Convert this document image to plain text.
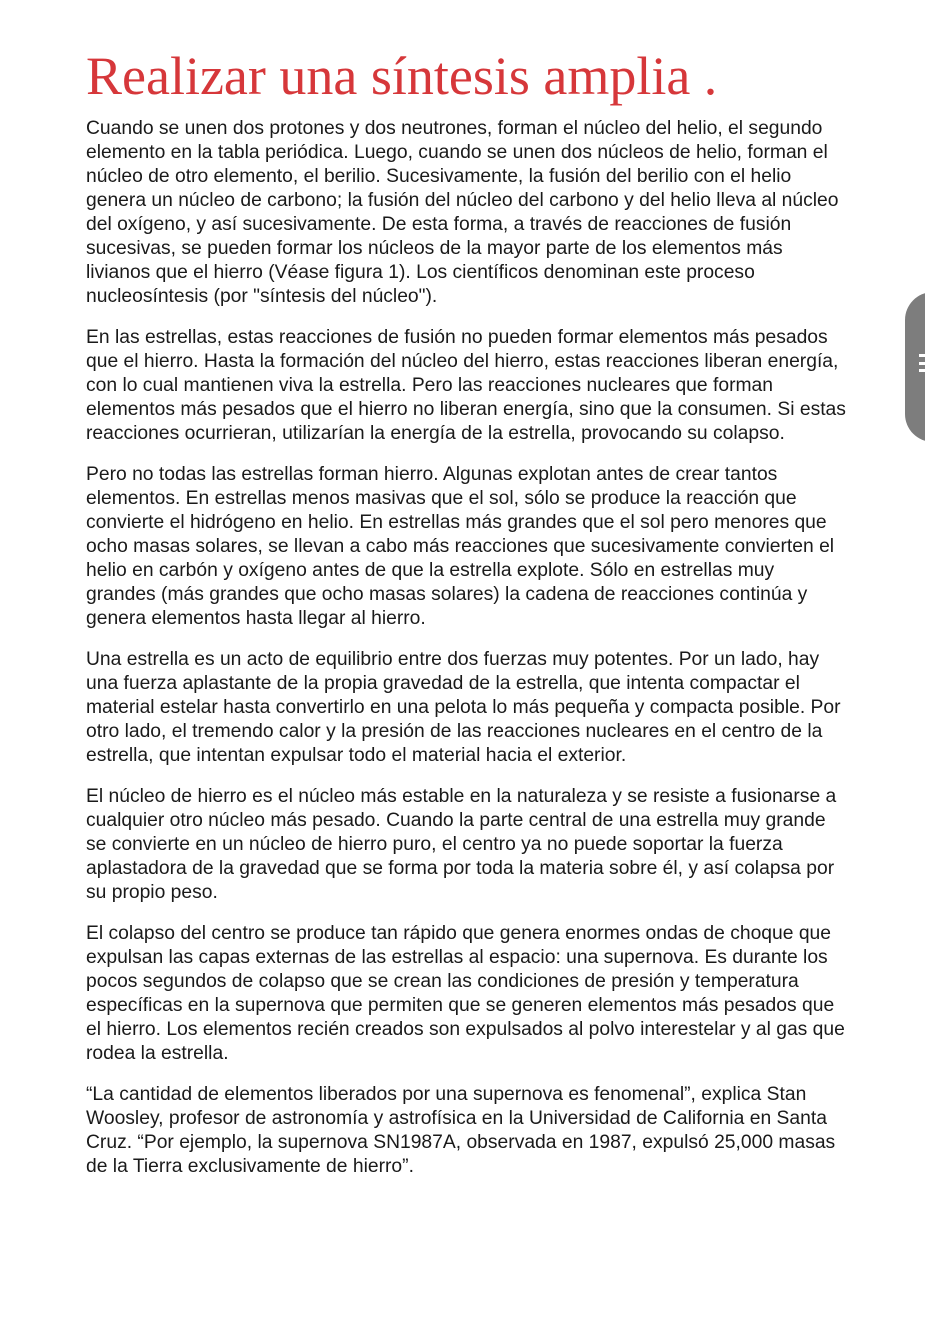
Realizar una síntesis amplia .

Cuando se unen dos protones y dos neutrones, forman el núcleo del helio, el segundo elemento en la tabla periódica. Luego, cuando se unen dos núcleos de helio, forman el núcleo de otro elemento, el berilio. Sucesivamente, la fusión del berilio con el helio genera un núcleo de carbono; la fusión del núcleo del carbono y del helio lleva al núcleo del oxígeno, y así sucesivamente. De esta forma, a través de reacciones de fusión sucesivas, se pueden formar los núcleos de la mayor parte de los elementos más livianos que el hierro (Véase figura 1). Los científicos denominan este proceso nucleosíntesis (por "síntesis del núcleo").

En las estrellas, estas reacciones de fusión no pueden formar elementos más pesados que el hierro. Hasta la formación del núcleo del hierro, estas reacciones liberan energía, con lo cual mantienen viva la estrella. Pero las reacciones nucleares que forman elementos más pesados que el hierro no liberan energía, sino que la consumen. Si estas reacciones ocurrieran, utilizarían la energía de la estrella, provocando su colapso.

Pero no todas las estrellas forman hierro. Algunas explotan antes de crear tantos elementos. En estrellas menos masivas que el sol, sólo se produce la reacción que convierte el hidrógeno en helio. En estrellas más grandes que el sol pero menores que ocho masas solares, se llevan a cabo más reacciones que sucesivamente convierten el helio en carbón y oxígeno antes de que la estrella explote. Sólo en estrellas muy grandes (más grandes que ocho masas solares) la cadena de reacciones continúa y genera elementos hasta llegar al hierro.

Una estrella es un acto de equilibrio entre dos fuerzas muy potentes. Por un lado, hay una fuerza aplastante de la propia gravedad de la estrella, que intenta compactar el material estelar hasta convertirlo en una pelota lo más pequeña y compacta posible. Por otro lado, el tremendo calor y la presión de las reacciones nucleares en el centro de la estrella, que intentan expulsar todo el material hacia el exterior.

El núcleo de hierro es el núcleo más estable en la naturaleza y se resiste a fusionarse a cualquier otro núcleo más pesado. Cuando la parte central de una estrella muy grande se convierte en un núcleo de hierro puro, el centro ya no puede soportar la fuerza aplastadora de la gravedad que se forma por toda la materia sobre él, y así colapsa por su propio peso.

El colapso del centro se produce tan rápido que genera enormes ondas de choque que expulsan las capas externas de las estrellas al espacio: una supernova. Es durante los pocos segundos de colapso que se crean las condiciones de presión y temperatura específicas en la supernova que permiten que se generen elementos más pesados que el hierro. Los elementos recién creados son expulsados al polvo interestelar y al gas que rodea la estrella.

“La cantidad de elementos liberados por una supernova es fenomenal”, explica Stan Woosley, profesor de astronomía y astrofísica en la Universidad de California en Santa Cruz. “Por ejemplo, la supernova SN1987A, observada en 1987, expulsó 25,000 masas de la Tierra exclusivamente de hierro”.
